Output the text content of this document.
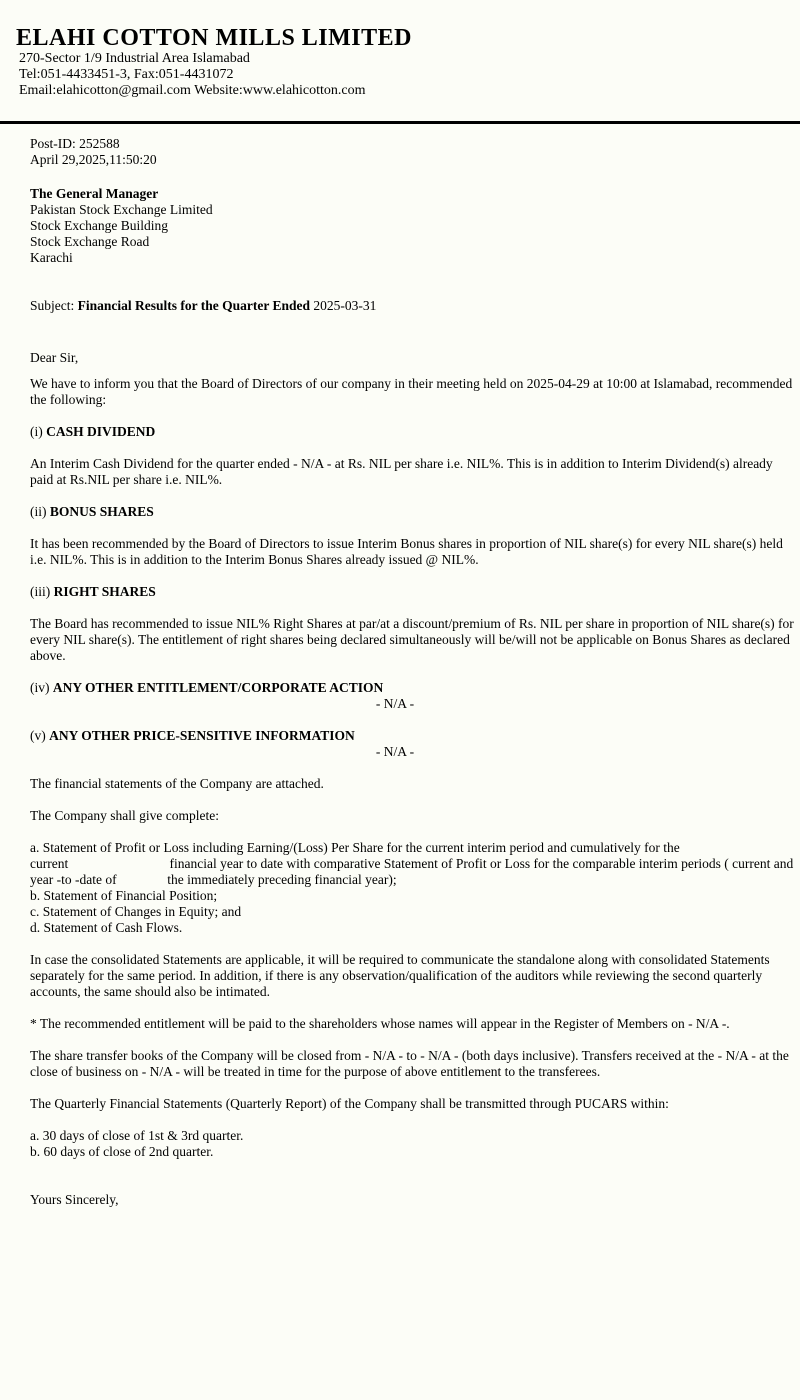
ELAHI COTTON MILLS LIMITED
270-Sector 1/9 Industrial Area Islamabad
Tel:051-4433451-3, Fax:051-4431072
Email:elahicotton@gmail.com Website:www.elahicotton.com
Post-ID: 252588
April 29,2025,11:50:20
The General Manager
Pakistan Stock Exchange Limited
Stock Exchange Building
Stock Exchange Road
Karachi
Subject: Financial Results for the Quarter Ended 2025-03-31
Dear Sir,

We have to inform you that the Board of Directors of our company in their meeting held on 2025-04-29 at 10:00 at Islamabad, recommended the following:

(i) CASH DIVIDEND

An Interim Cash Dividend for the quarter ended - N/A - at Rs. NIL per share i.e. NIL%. This is in addition to Interim Dividend(s) already paid at Rs.NIL per share i.e. NIL%.

(ii) BONUS SHARES

It has been recommended by the Board of Directors to issue Interim Bonus shares in proportion of NIL share(s) for every NIL share(s) held i.e. NIL%. This is in addition to the Interim Bonus Shares already issued @ NIL%.

(iii) RIGHT SHARES

The Board has recommended to issue NIL% Right Shares at par/at a discount/premium of Rs. NIL per share in proportion of NIL share(s) for every NIL share(s). The entitlement of right shares being declared simultaneously will be/will not be applicable on Bonus Shares as declared above.

(iv) ANY OTHER ENTITLEMENT/CORPORATE ACTION
- N/A -
(v) ANY OTHER PRICE-SENSITIVE INFORMATION
- N/A -

The financial statements of the Company are attached.

The Company shall give complete:

a. Statement of Profit or Loss including Earning/(Loss) Per Share for the current interim period and cumulatively for the current                              financial year to date with comparative Statement of Profit or Loss for the comparable interim periods ( current and year -to -date of               the immediately preceding financial year);

b. Statement of Financial Position;

c. Statement of Changes in Equity; and

d. Statement of Cash Flows.

In case the consolidated Statements are applicable, it will be required to communicate the standalone along with consolidated Statements separately for the same period. In addition, if there is any observation/qualification of the auditors while reviewing the second quarterly accounts, the same should also be intimated.

* The recommended entitlement will be paid to the shareholders whose names will appear in the Register of Members on - N/A -.

The share transfer books of the Company will be closed from - N/A - to - N/A - (both days inclusive). Transfers received at the - N/A - at the close of business on - N/A - will be treated in time for the purpose of above entitlement to the transferees.

The Quarterly Financial Statements (Quarterly Report) of the Company shall be transmitted through PUCARS within:

a. 30 days of close of 1st & 3rd quarter.

b. 60 days of close of 2nd quarter.

Yours Sincerely,
